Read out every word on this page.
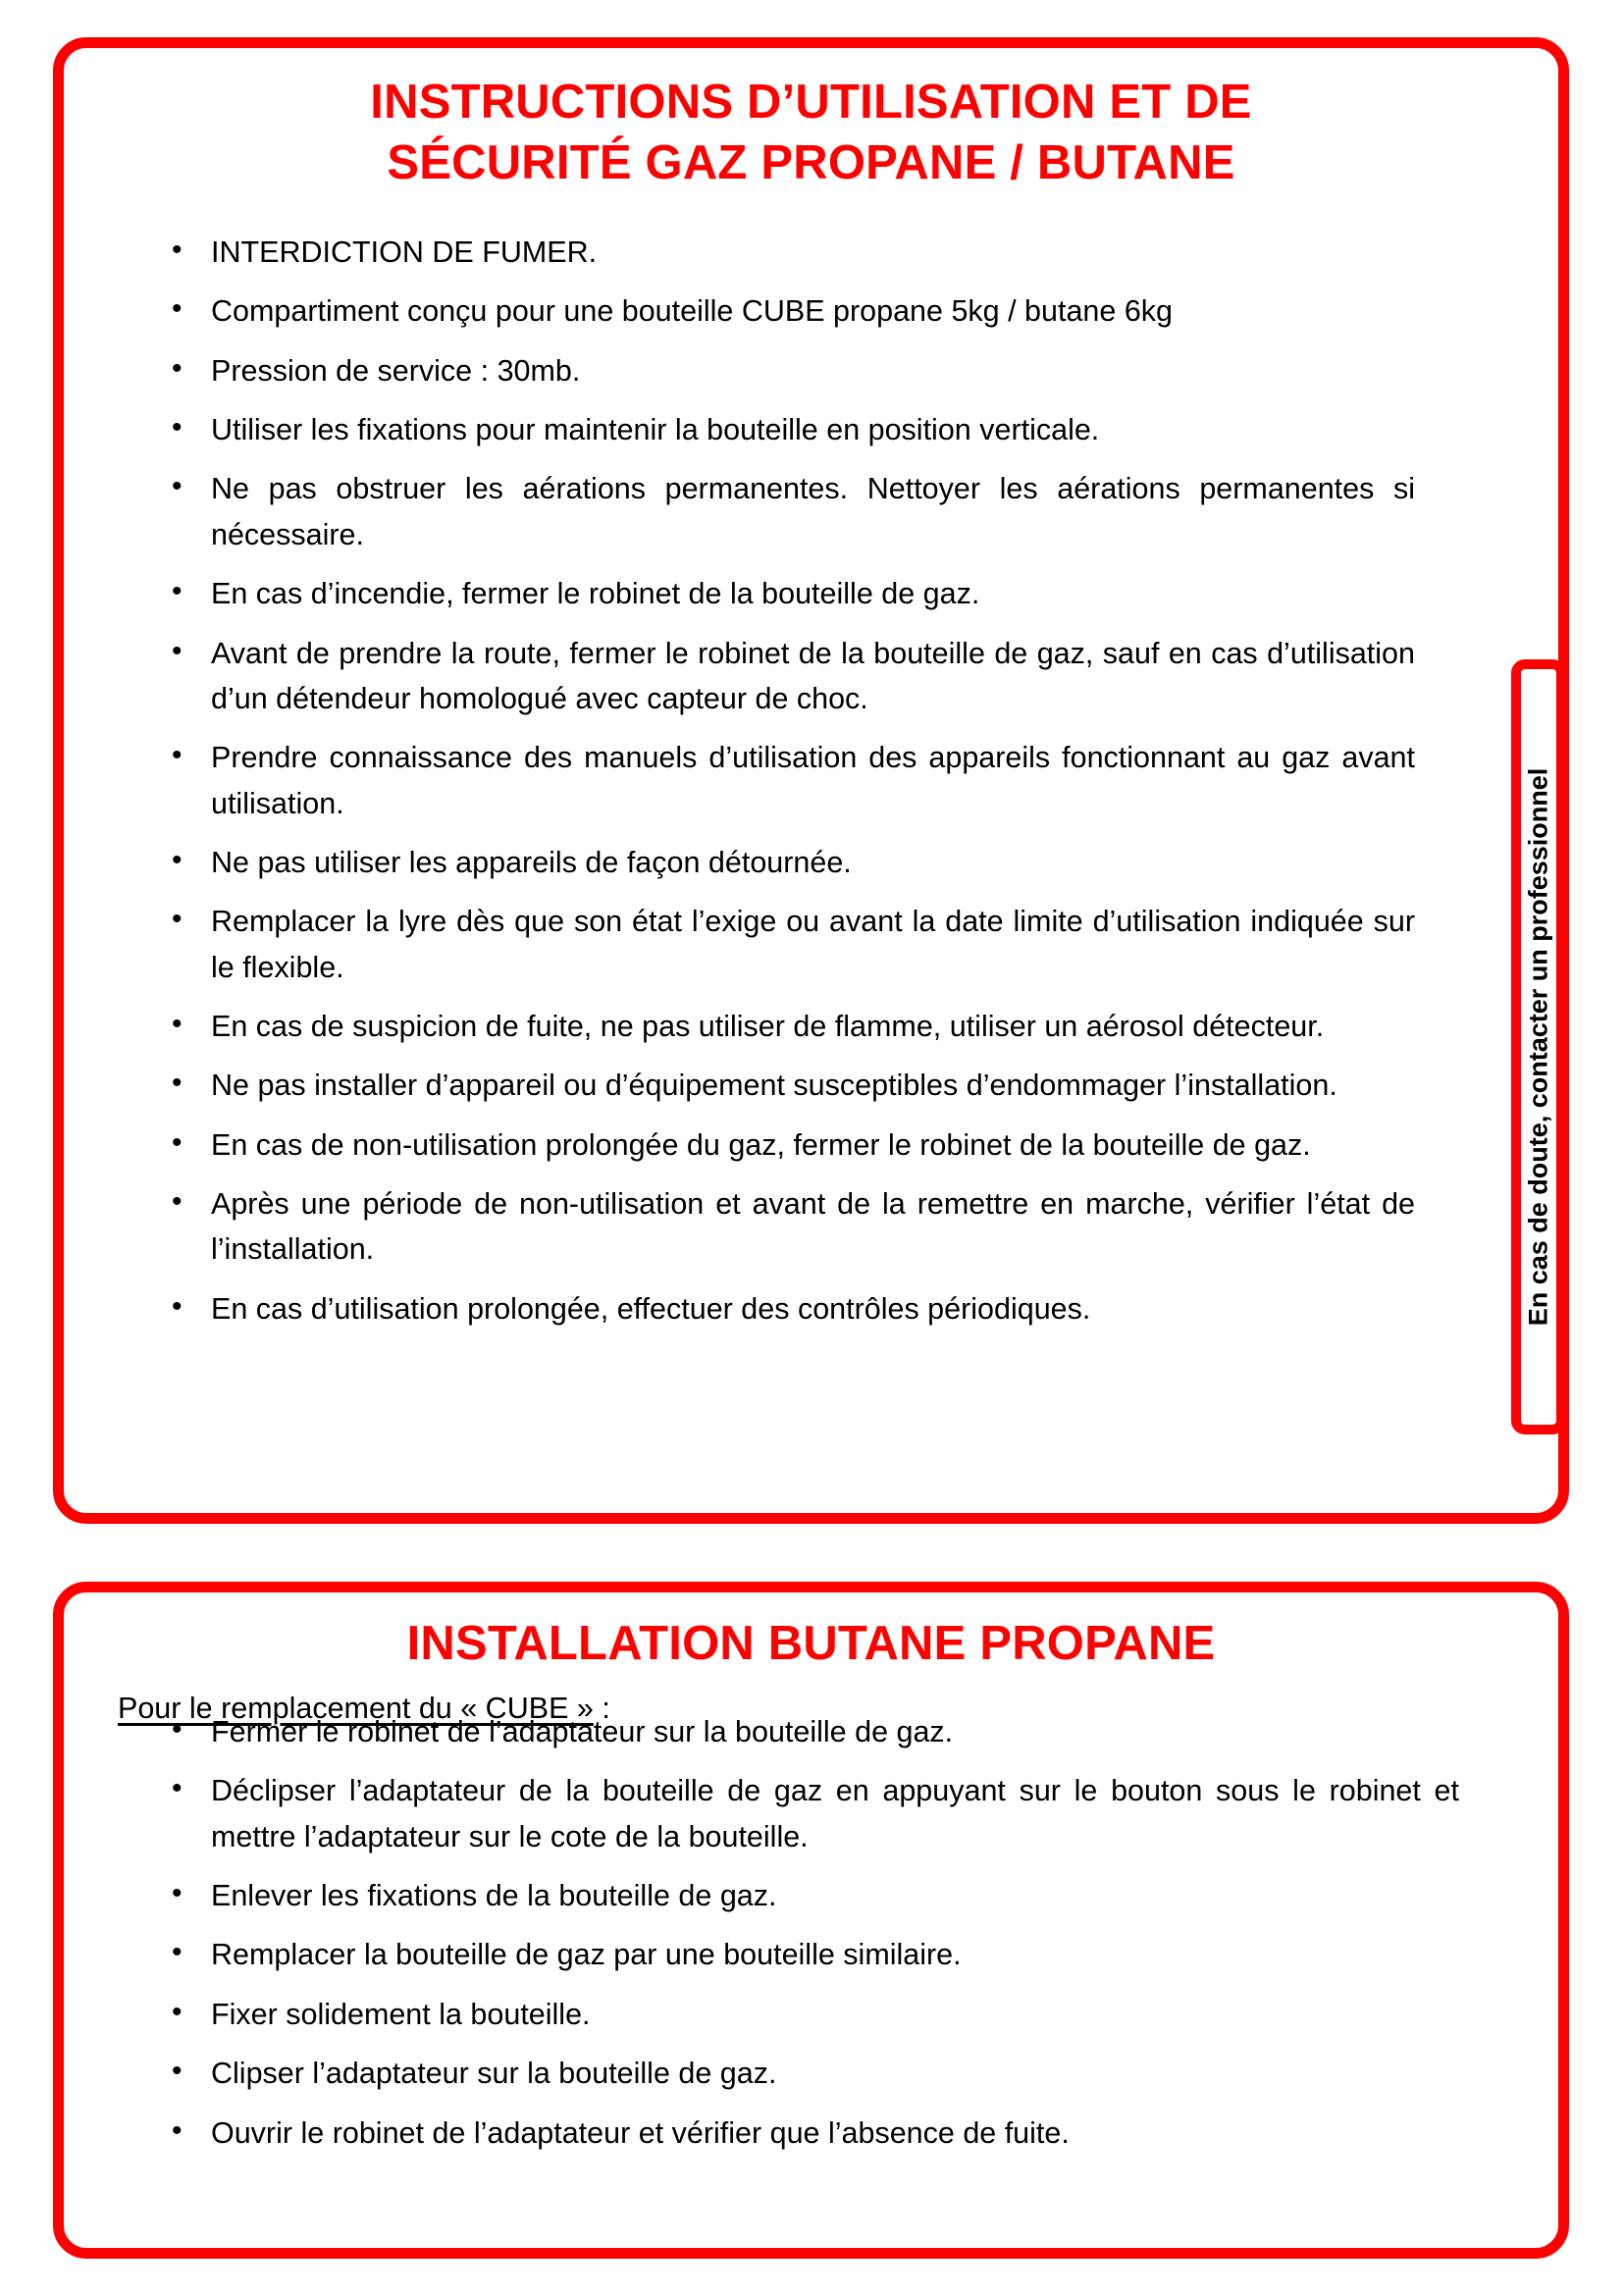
INSTRUCTIONS D’UTILISATION ET DE
SÉCURITÉ GAZ PROPANE / BUTANE
• INTERDICTION DE FUMER.
• Compartiment conçu pour une bouteille CUBE propane 5kg / butane 6kg
• Pression de service : 30mb.
• Utiliser les fixations pour maintenir la bouteille en position verticale.
• Ne pas obstruer les aérations permanentes. Nettoyer les aérations permanentes si nécessaire.
• En cas d’incendie, fermer le robinet de la bouteille de gaz.
• Avant de prendre la route, fermer le robinet de la bouteille de gaz, sauf en cas d’utilisation d’un détendeur homologué avec capteur de choc.
• Prendre connaissance des manuels d’utilisation des appareils fonctionnant au gaz avant utilisation.
• Ne pas utiliser les appareils de façon détournée.
• Remplacer la lyre dès que son état l’exige ou avant la date limite d’utilisation indiquée sur le flexible.
• En cas de suspicion de fuite, ne pas utiliser de flamme, utiliser un aérosol détecteur.
• Ne pas installer d’appareil ou d’équipement susceptibles d’endommager l’installation.
• En cas de non-utilisation prolongée du gaz, fermer le robinet de la bouteille de gaz.
• Après une période de non-utilisation et avant de la remettre en marche, vérifier l’état de l’installation.
• En cas d’utilisation prolongée, effectuer des contrôles périodiques.	En cas de doute, contacter un professionnel
INSTALLATION BUTANE PROPANE

Pour le remplacement du « CUBE » :

• Fermer le robinet de l’adaptateur sur la bouteille de gaz.
• Déclipser l’adaptateur de la bouteille de gaz en appuyant sur le bouton sous le robinet et mettre l’adaptateur sur le cote de la bouteille.
• Enlever les fixations de la bouteille de gaz.
• Remplacer la bouteille de gaz par une bouteille similaire.
• Fixer solidement la bouteille.
• Clipser l’adaptateur sur la bouteille de gaz.
• Ouvrir le robinet de l’adaptateur et vérifier que l’absence de fuite.
